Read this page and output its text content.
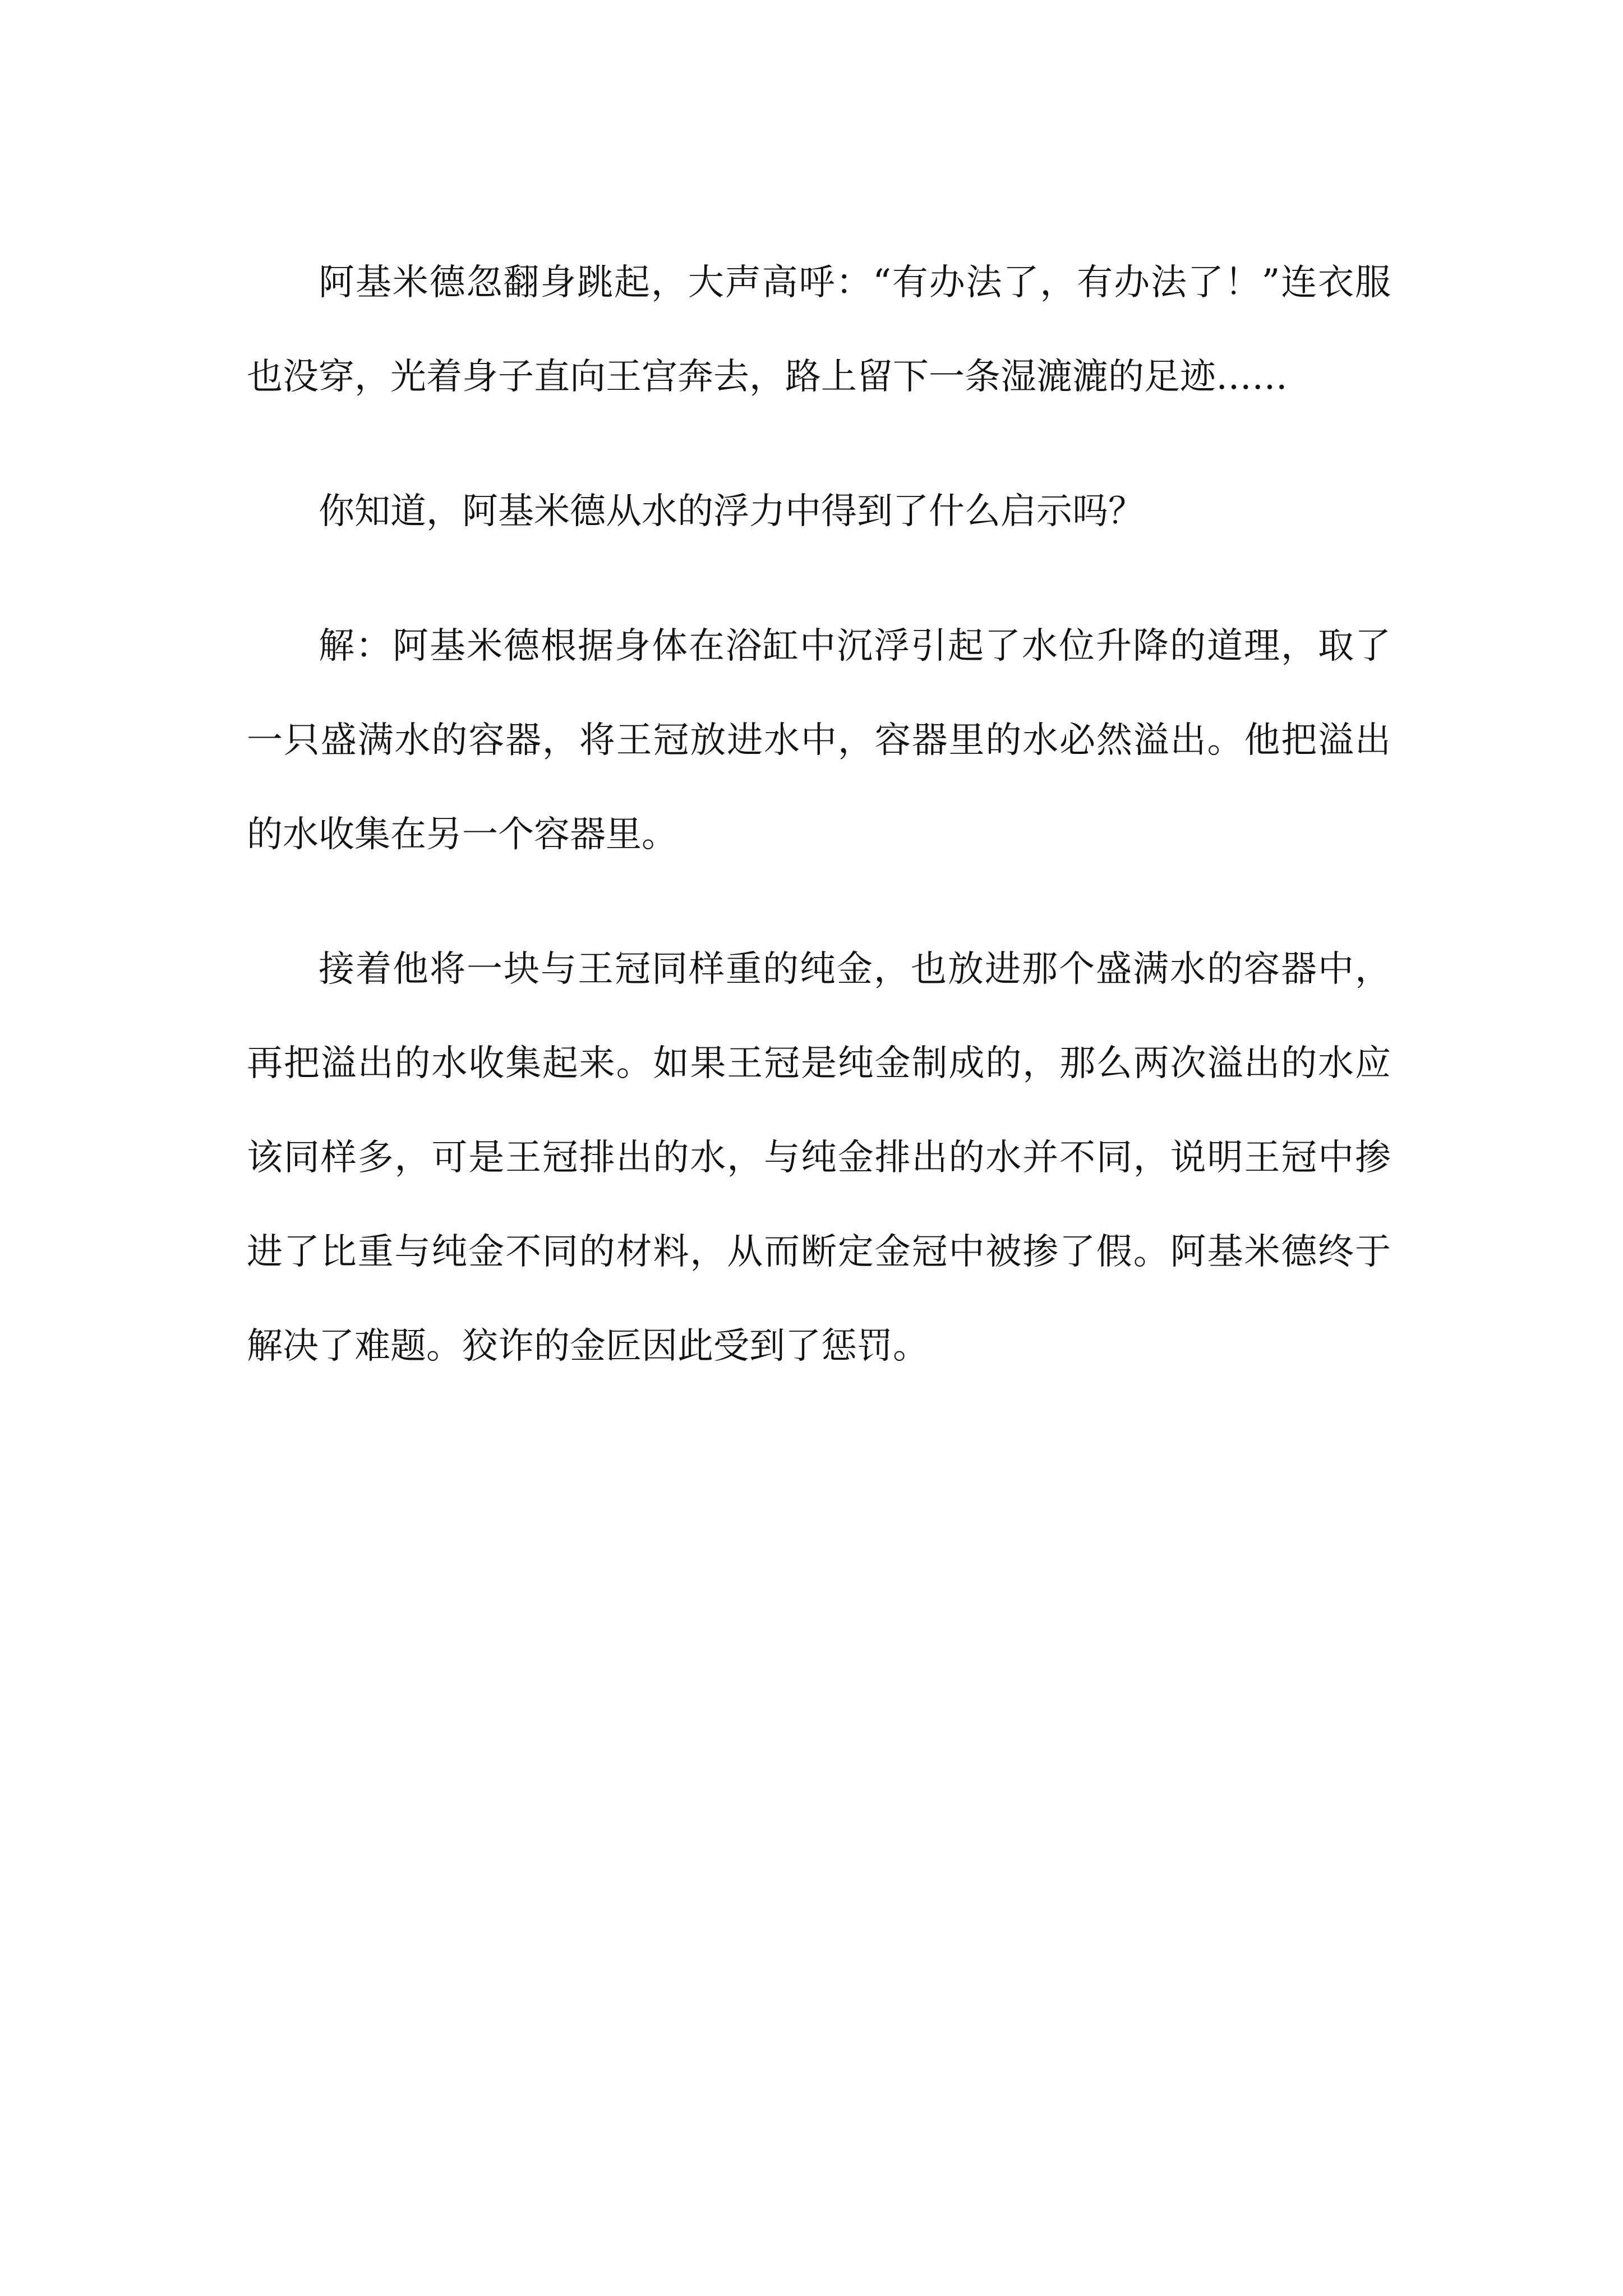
阿基米德忽翻身跳起，大声高呼：“有办法了，有办法了！”连衣服也没穿，光着身子直向王宫奔去，路上留下一条湿漉漉的足迹……

你知道，阿基米德从水的浮力中得到了什么启示吗？

解：阿基米德根据身体在浴缸中沉浮引起了水位升降的道理，取了一只盛满水的容器，将王冠放进水中，容器里的水必然溢出。他把溢出的水收集在另一个容器里。

接着他将一块与王冠同样重的纯金，也放进那个盛满水的容器中，再把溢出的水收集起来。如果王冠是纯金制成的，那么两次溢出的水应该同样多，可是王冠排出的水，与纯金排出的水并不同，说明王冠中掺进了比重与纯金不同的材料，从而断定金冠中被掺了假。阿基米德终于解决了难题。狡诈的金匠因此受到了惩罚。
